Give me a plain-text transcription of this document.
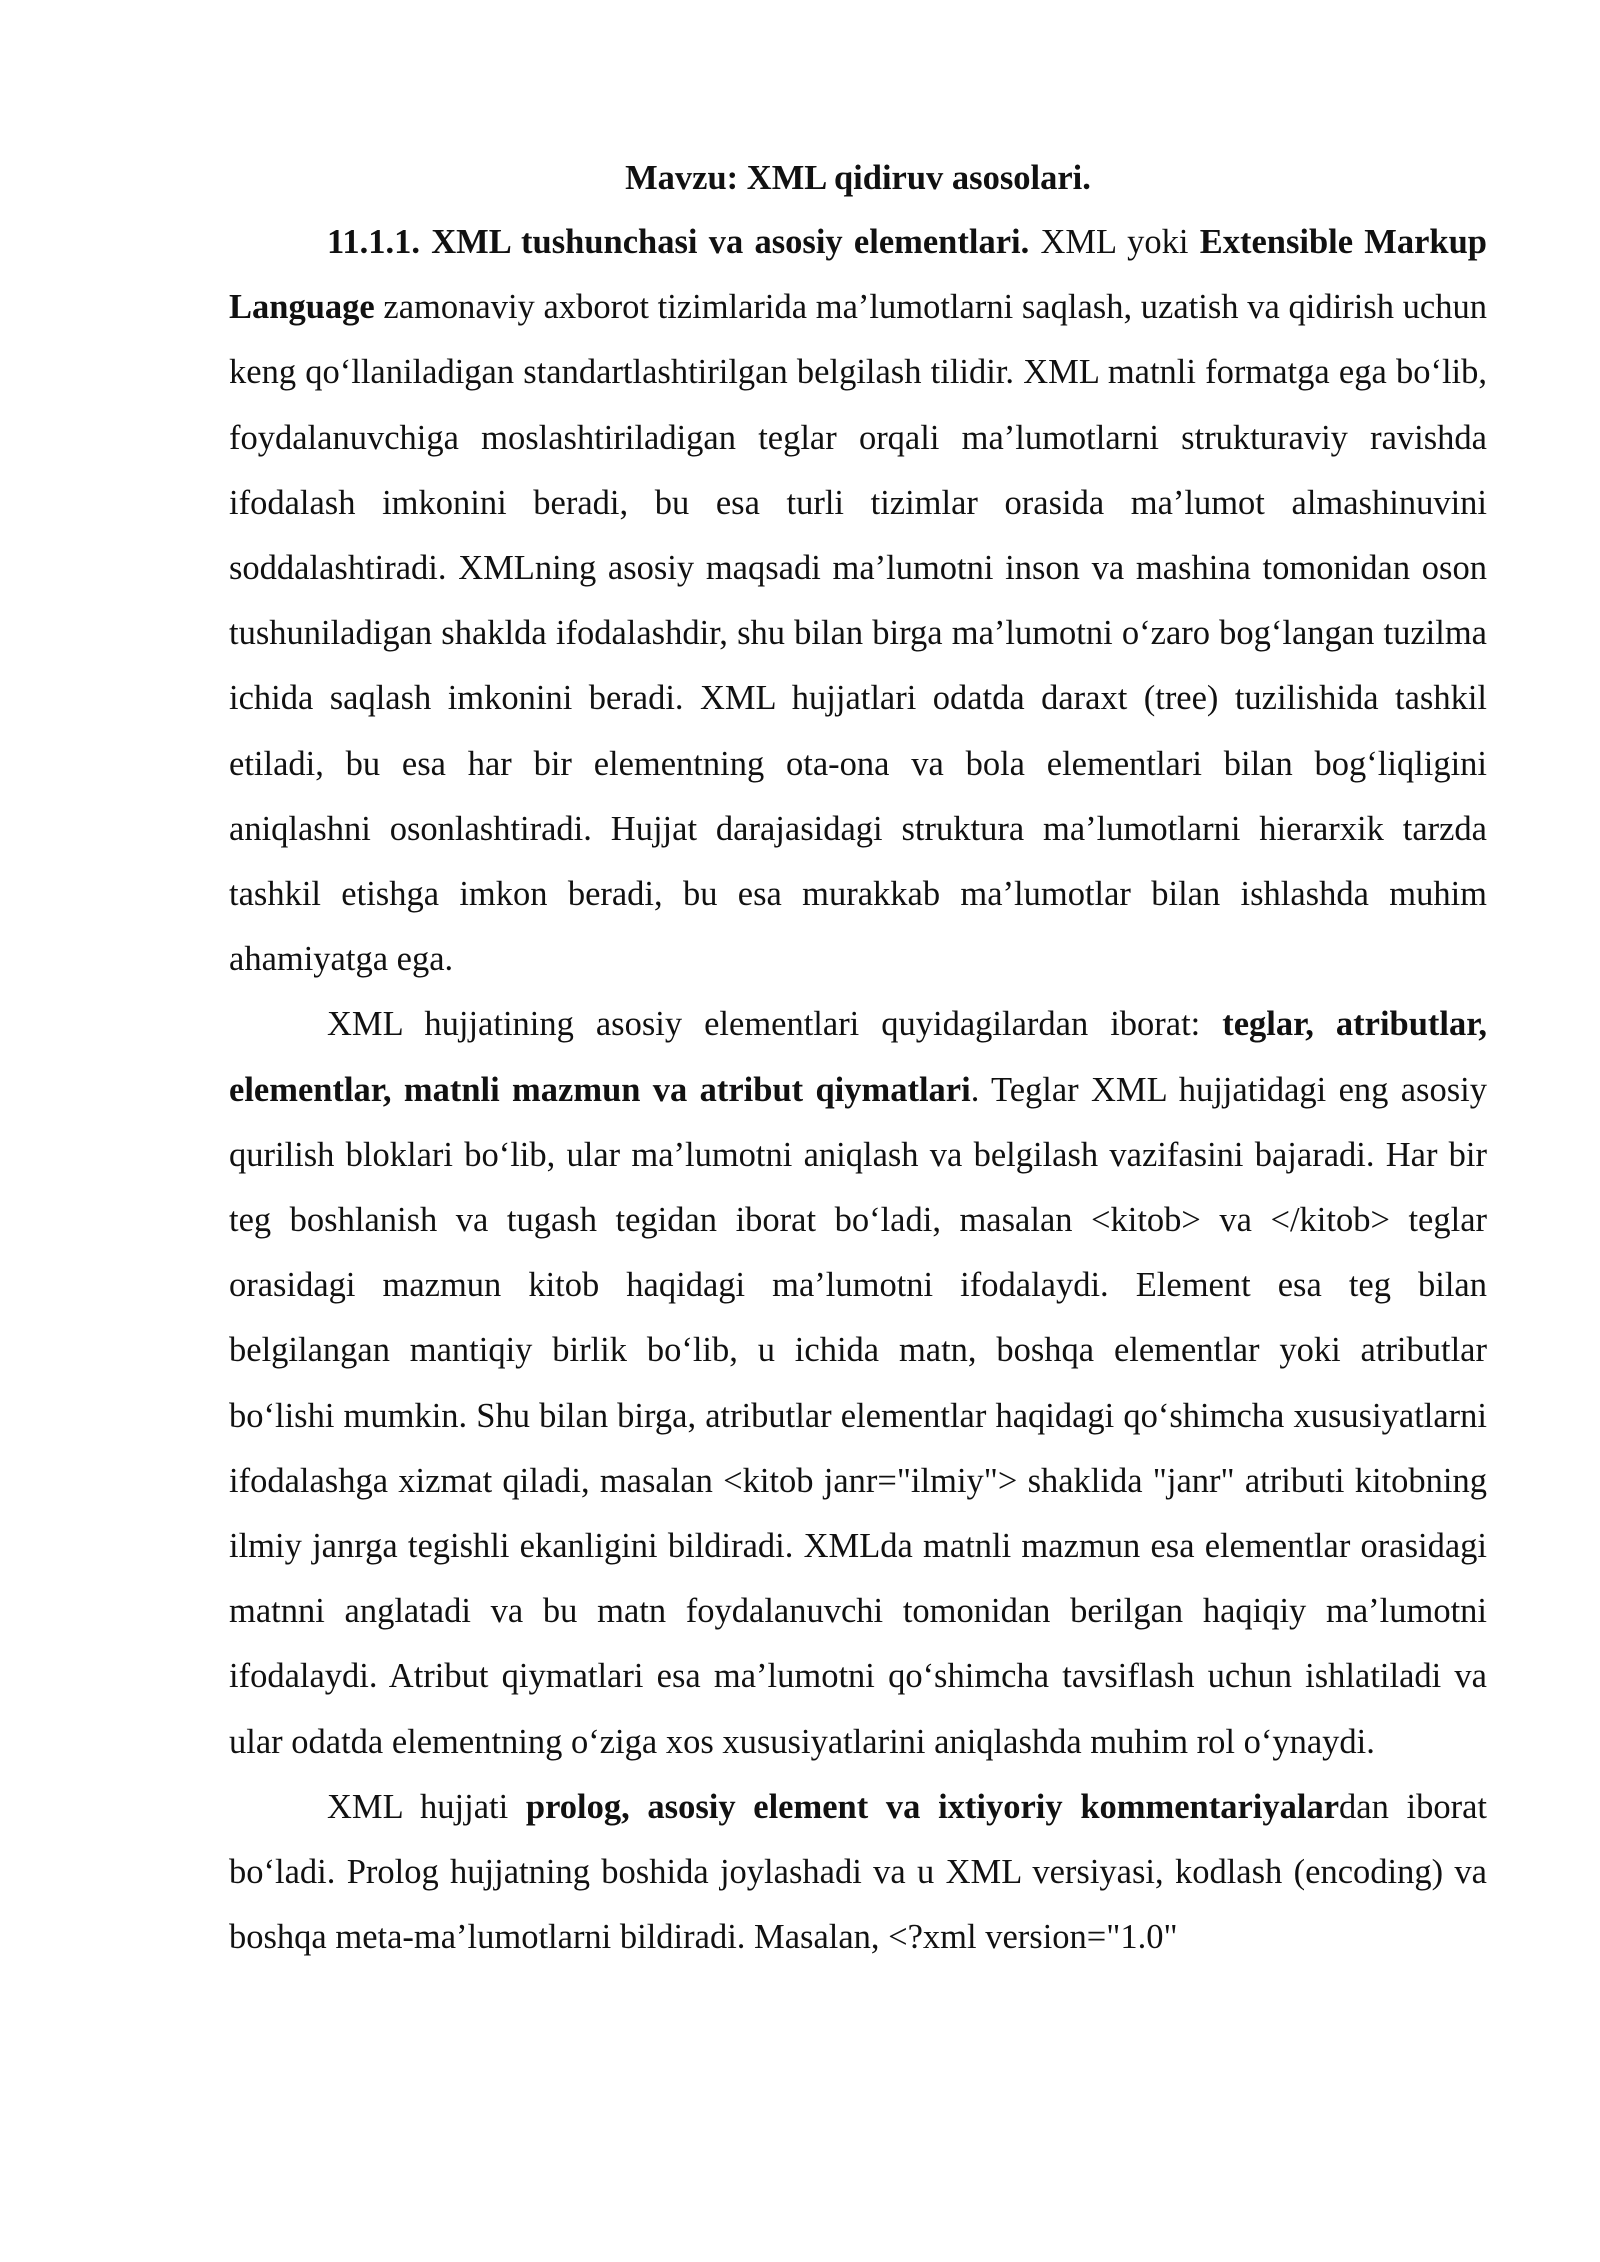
Mavzu: XML qidiruv asosolari.

11.1.1. XML tushunchasi va asosiy elementlari. XML yoki Extensible Markup Language zamonaviy axborot tizimlarida ma’lumotlarni saqlash, uzatish va qidirish uchun keng qo‘llaniladigan standartlashtirilgan belgilash tilidir. XML matnli formatga ega bo‘lib, foydalanuvchiga moslashtiriladigan teglar orqali ma’lumotlarni strukturaviy ravishda ifodalash imkonini beradi, bu esa turli tizimlar orasida ma’lumot almashinuvini soddalashtiradi. XMLning asosiy maqsadi ma’lumotni inson va mashina tomonidan oson tushuniladigan shaklda ifodalashdir, shu bilan birga ma’lumotni o‘zaro bog‘langan tuzilma ichida saqlash imkonini beradi. XML hujjatlari odatda daraxt (tree) tuzilishida tashkil etiladi, bu esa har bir elementning ota-ona va bola elementlari bilan bog‘liqligini aniqlashni osonlashtiradi. Hujjat darajasidagi struktura ma’lumotlarni hierarxik tarzda tashkil etishga imkon beradi, bu esa murakkab ma’lumotlar bilan ishlashda muhim ahamiyatga ega.

XML hujjatining asosiy elementlari quyidagilardan iborat: teglar, atributlar, elementlar, matnli mazmun va atribut qiymatlari. Teglar XML hujjatidagi eng asosiy qurilish bloklari bo‘lib, ular ma’lumotni aniqlash va belgilash vazifasini bajaradi. Har bir teg boshlanish va tugash tegidan iborat bo‘ladi, masalan <kitob> va </kitob> teglar orasidagi mazmun kitob haqidagi ma’lumotni ifodalaydi. Element esa teg bilan belgilangan mantiqiy birlik bo‘lib, u ichida matn, boshqa elementlar yoki atributlar bo‘lishi mumkin. Shu bilan birga, atributlar elementlar haqidagi qo‘shimcha xususiyatlarni ifodalashga xizmat qiladi, masalan <kitob janr="ilmiy"> shaklida "janr" atributi kitobning ilmiy janrga tegishli ekanligini bildiradi. XMLda matnli mazmun esa elementlar orasidagi matnni anglatadi va bu matn foydalanuvchi tomonidan berilgan haqiqiy ma’lumotni ifodalaydi. Atribut qiymatlari esa ma’lumotni qo‘shimcha tavsiflash uchun ishlatiladi va ular odatda elementning o‘ziga xos xususiyatlarini aniqlashda muhim rol o‘ynaydi.

XML hujjati prolog, asosiy element va ixtiyoriy kommentariyalardan iborat bo‘ladi. Prolog hujjatning boshida joylashadi va u XML versiyasi, kodlash (encoding) va boshqa meta-ma’lumotlarni bildiradi. Masalan, <?xml version="1.0"
